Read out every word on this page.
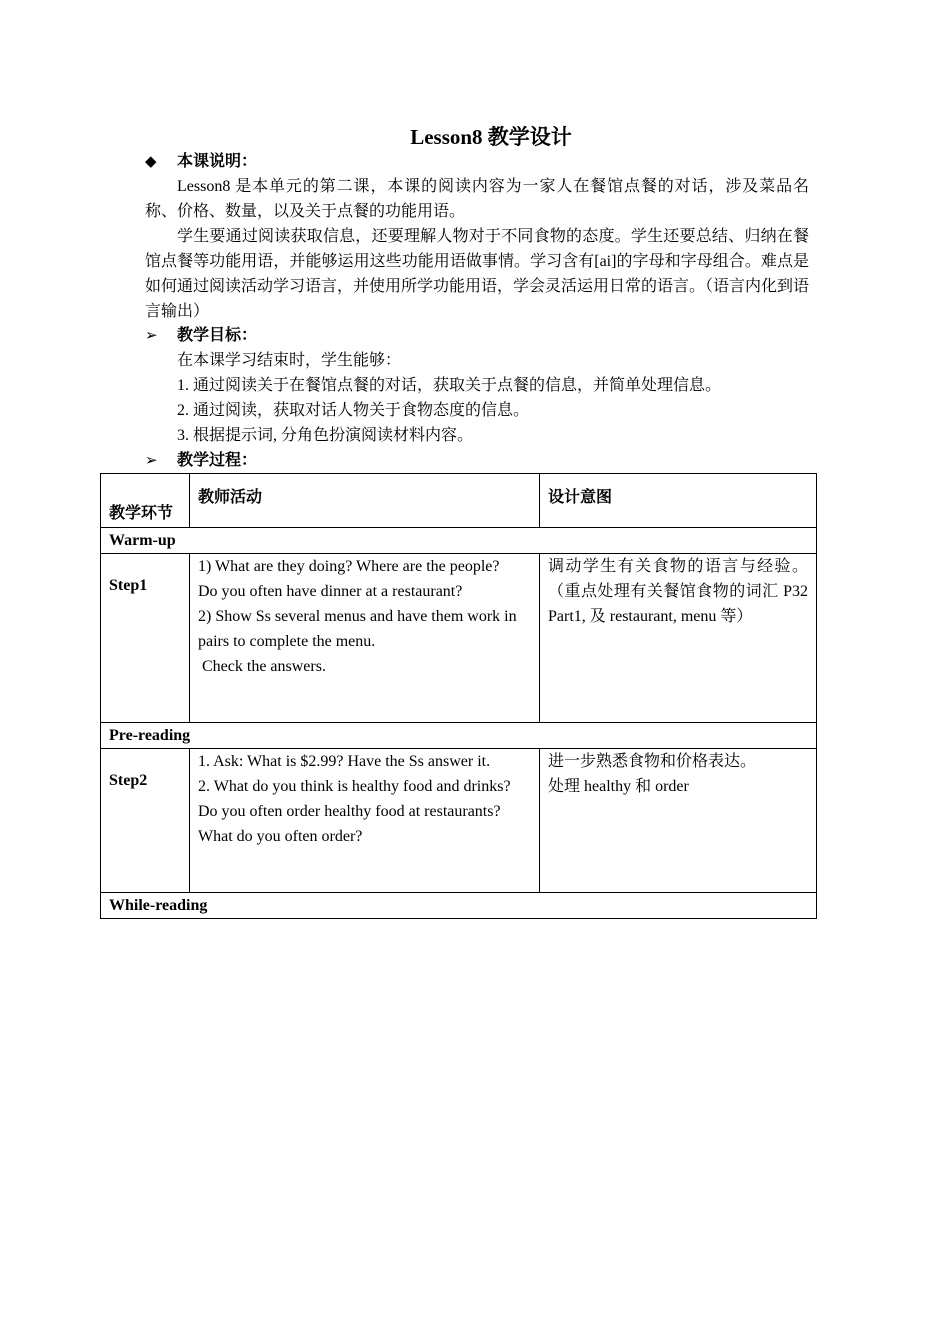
Lesson8 教学设计
◆ 本课说明：
Lesson8 是本单元的第二课，本课的阅读内容为一家人在餐馆点餐的对话，涉及菜品名称、价格、数量，以及关于点餐的功能用语。
学生要通过阅读获取信息，还要理解人物对于不同食物的态度。学生还要总结、归纳在餐馆点餐等功能用语，并能够运用这些功能用语做事情。学习含有[ai]的字母和字母组合。难点是如何通过阅读活动学习语言，并使用所学功能用语，学会灵活运用日常的语言。（语言内化到语言输出）
➢ 教学目标：
在本课学习结束时，学生能够：
1. 通过阅读关于在餐馆点餐的对话，获取关于点餐的信息，并简单处理信息。
2. 通过阅读，获取对话人物关于食物态度的信息。
3. 根据提示词, 分角色扮演阅读材料内容。
➢ 教学过程：
教学环节	教师活动	设计意图
Warm-up		
Step1	1) What are they doing? Where are the people?
Do you often have dinner at a restaurant?
2) Show Ss several menus and have them work in pairs to complete the menu.
Check the answers.	调动学生有关食物的语言与经验。（重点处理有关餐馆食物的词汇 P32 Part1, 及 restaurant, menu 等）

Pre-reading		
Step2	1. Ask: What is $2.99? Have the Ss answer it.
2. What do you think is healthy food and drinks?
Do you often order healthy food at restaurants?
What do you often order?	进一步熟悉食物和价格表达。
处理 healthy 和 order

While-reading		
